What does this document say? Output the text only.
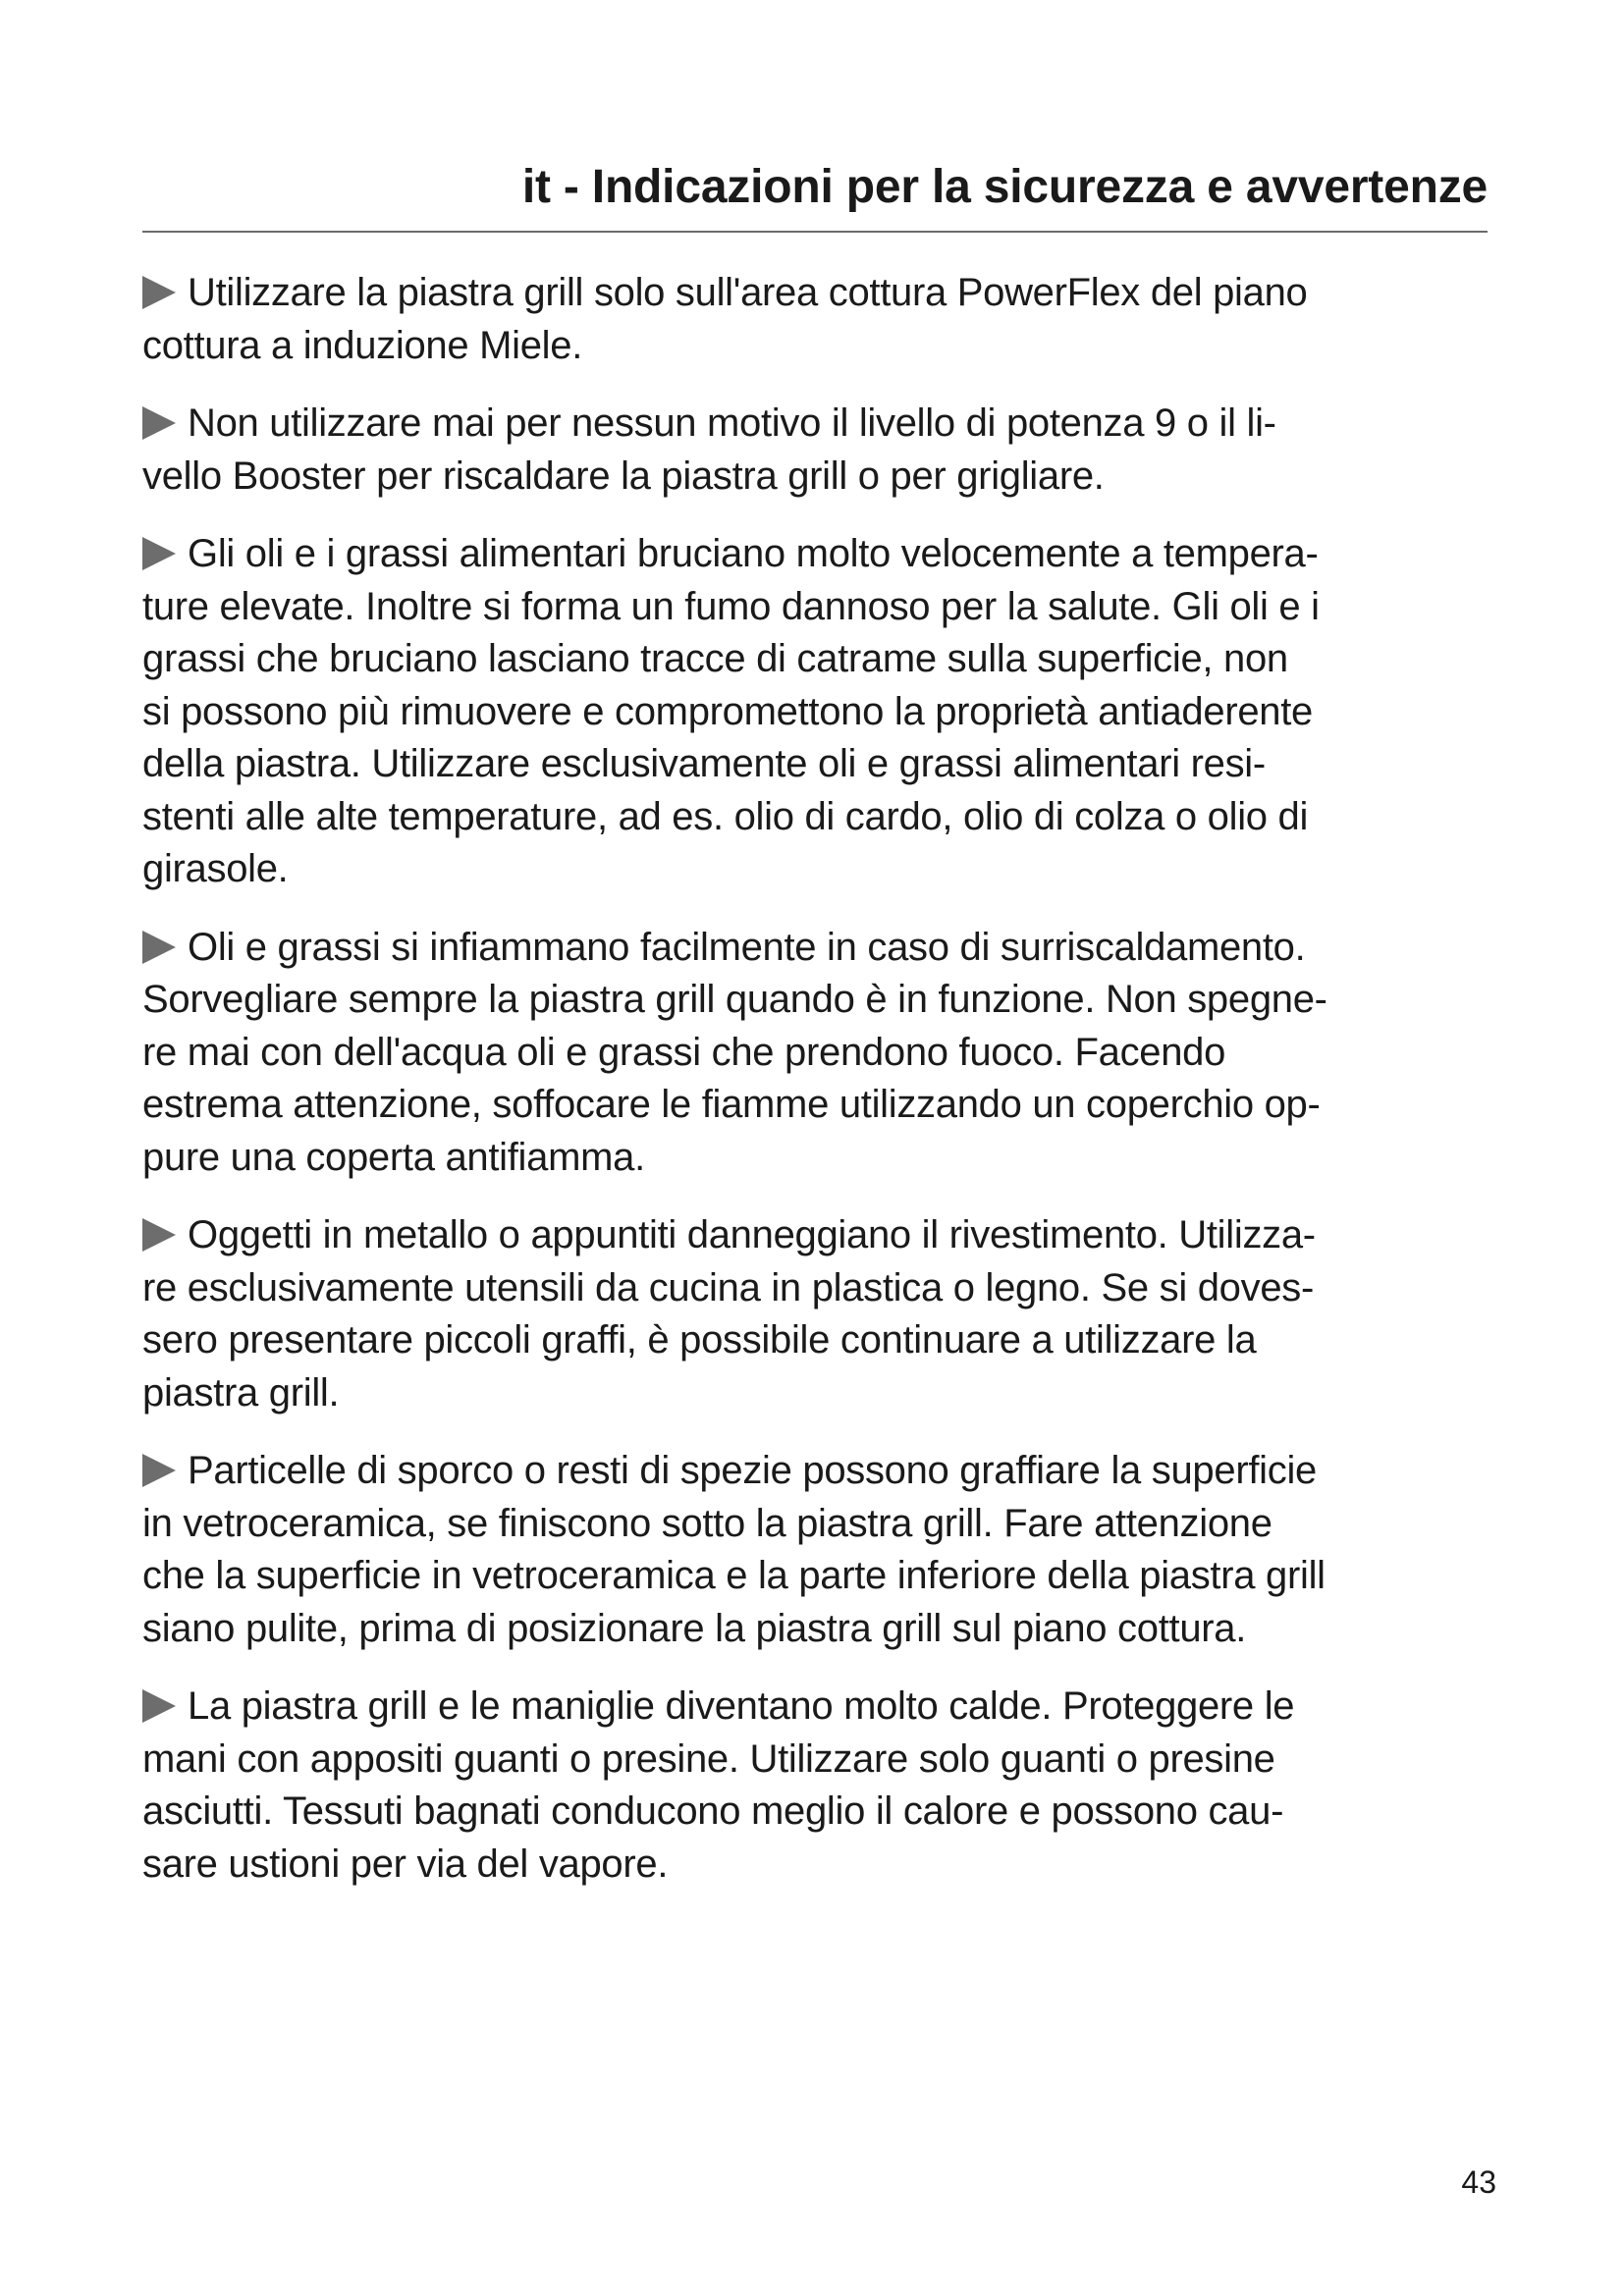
it - Indicazioni per la sicurezza e avvertenze

Utilizzare la piastra grill solo sull'area cottura PowerFlex del piano
cottura a induzione Miele.

Non utilizzare mai per nessun motivo il livello di potenza 9 o il li-
vello Booster per riscaldare la piastra grill o per grigliare.

Gli oli e i grassi alimentari bruciano molto velocemente a tempera-
ture elevate. Inoltre si forma un fumo dannoso per la salute. Gli oli e i
grassi che bruciano lasciano tracce di catrame sulla superficie, non
si possono più rimuovere e compromettono la proprietà antiaderente
della piastra. Utilizzare esclusivamente oli e grassi alimentari resi-
stenti alle alte temperature, ad es. olio di cardo, olio di colza o olio di
girasole.

Oli e grassi si infiammano facilmente in caso di surriscaldamento.
Sorvegliare sempre la piastra grill quando è in funzione. Non spegne-
re mai con dell'acqua oli e grassi che prendono fuoco. Facendo
estrema attenzione, soffocare le fiamme utilizzando un coperchio op-
pure una coperta antifiamma.

Oggetti in metallo o appuntiti danneggiano il rivestimento. Utilizza-
re esclusivamente utensili da cucina in plastica o legno. Se si doves-
sero presentare piccoli graffi, è possibile continuare a utilizzare la
piastra grill.

Particelle di sporco o resti di spezie possono graffiare la superficie
in vetroceramica, se finiscono sotto la piastra grill. Fare attenzione
che la superficie in vetroceramica e la parte inferiore della piastra grill
siano pulite, prima di posizionare la piastra grill sul piano cottura.

La piastra grill e le maniglie diventano molto calde. Proteggere le
mani con appositi guanti o presine. Utilizzare solo guanti o presine
asciutti. Tessuti bagnati conducono meglio il calore e possono cau-
sare ustioni per via del vapore.

43
